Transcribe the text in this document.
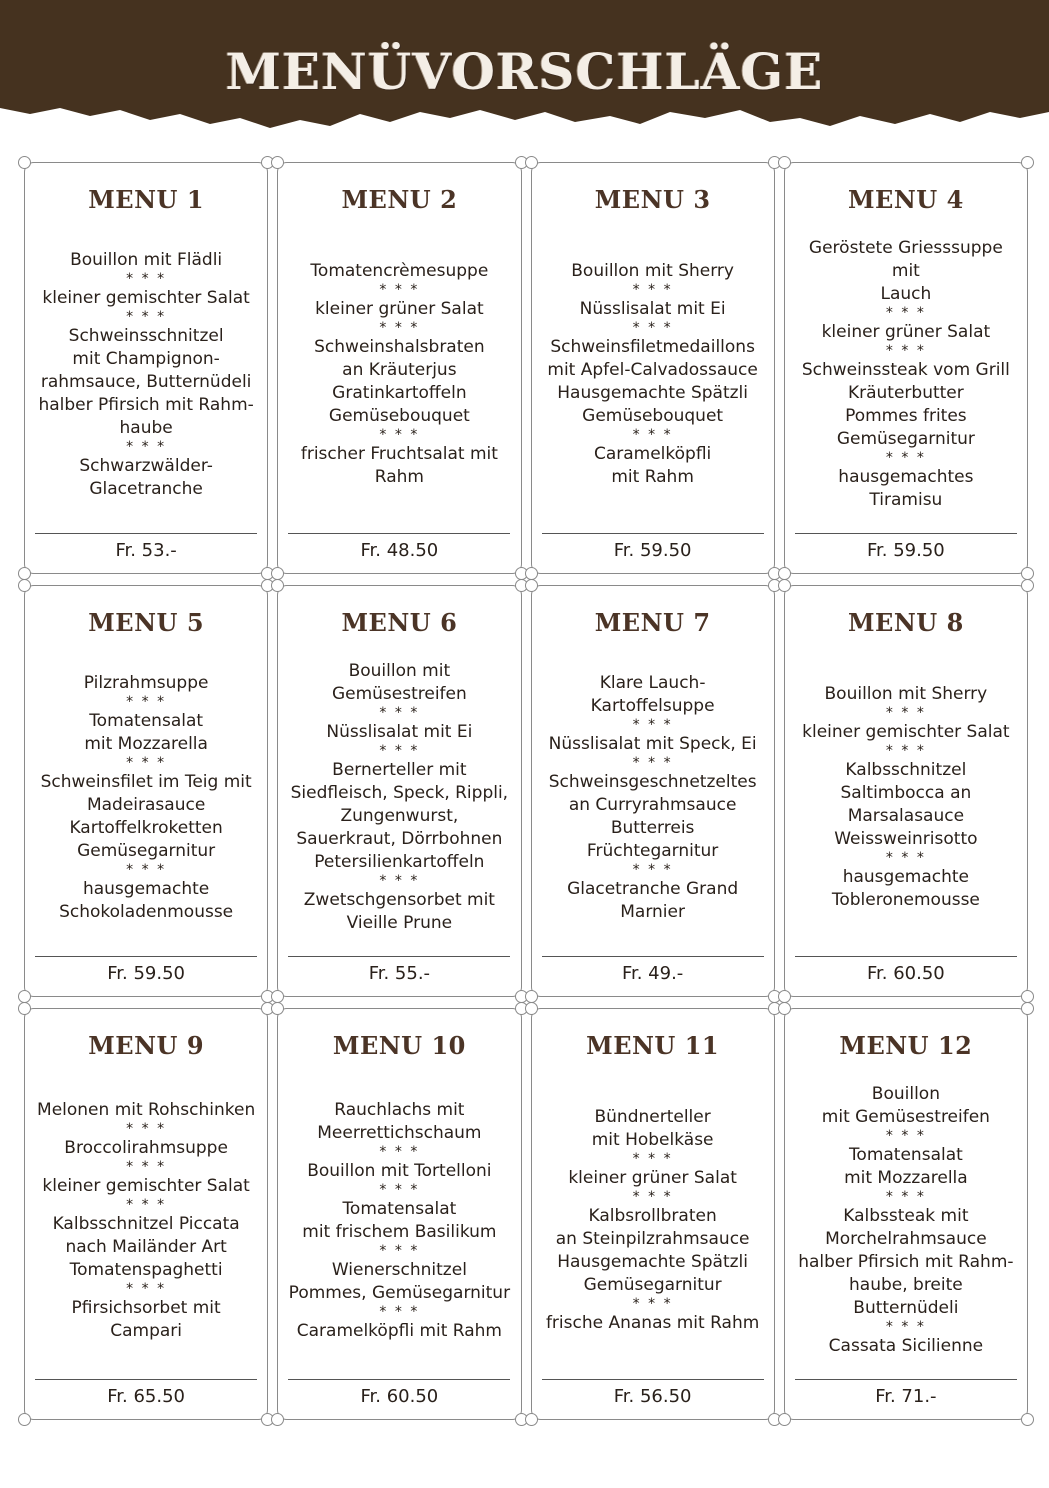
MENÜVORSCHLÄGE
MENU 1
Bouillon mit Flädli
* * *
kleiner gemischter Salat
* * *
Schweinsschnitzel
mit Champignon-
rahmsauce, Butternüdeli
halber Pfirsich mit Rahm-
haube
* * *
Schwarzwälder-
Glacetranche
Fr. 53.-
MENU 2
Tomatencrèmesuppe
* * *
kleiner grüner Salat
* * *
Schweinshalsbraten
an Kräuterjus
Gratinkartoffeln
Gemüsebouquet
* * *
frischer Fruchtsalat mit
Rahm
Fr. 48.50
MENU 3
Bouillon mit Sherry
* * *
Nüsslisalat mit Ei
* * *
Schweinsfiletmedaillons
mit Apfel-Calvadossauce
Hausgemachte Spätzli
Gemüsebouquet
* * *
Caramelköpfli
mit Rahm
Fr. 59.50
MENU 4
Geröstete Griesssuppe mit
Lauch
* * *
kleiner grüner Salat
* * *
Schweinssteak vom Grill
Kräuterbutter
Pommes frites
Gemüsegarnitur
* * *
hausgemachtes
Tiramisu
Fr. 59.50
MENU 5
Pilzrahmsuppe
* * *
Tomatensalat
mit Mozzarella
* * *
Schweinsfilet im Teig mit
Madeirasauce
Kartoffelkroketten
Gemüsegarnitur
* * *
hausgemachte
Schokoladenmousse
Fr. 59.50
MENU 6
Bouillon mit Gemüsestreifen
* * *
Nüsslisalat mit Ei
* * *
Bernerteller mit
Siedfleisch, Speck, Rippli,
Zungenwurst,
Sauerkraut, Dörrbohnen
Petersilienkartoffeln
* * *
Zwetschgensorbet mit
Vieille Prune
Fr. 55.-
MENU 7
Klare Lauch-
Kartoffelsuppe
* * *
Nüsslisalat mit Speck, Ei
* * *
Schweinsgeschnetzeltes
an Curryrahmsauce
Butterreis
Früchtegarnitur
* * *
Glacetranche Grand
Marnier
Fr. 49.-
MENU 8
Bouillon mit Sherry
* * *
kleiner gemischter Salat
* * *
Kalbsschnitzel
Saltimbocca an
Marsalasauce
Weissweinrisotto
* * *
hausgemachte
Tobleronemousse
Fr. 60.50
MENU 9
Melonen mit Rohschinken
* * *
Broccolirahmsuppe
* * *
kleiner gemischter Salat
* * *
Kalbsschnitzel Piccata
nach Mailänder Art
Tomatenspaghetti
* * *
Pfirsichsorbet mit
Campari
Fr. 65.50
MENU 10
Rauchlachs mit
Meerrettichschaum
* * *
Bouillon mit Tortelloni
* * *
Tomatensalat
mit frischem Basilikum
* * *
Wienerschnitzel
Pommes, Gemüsegarnitur
* * *
Caramelköpfli mit Rahm
Fr. 60.50
MENU 11
Bündnerteller
mit Hobelkäse
* * *
kleiner grüner Salat
* * *
Kalbsrollbraten
an Steinpilzrahmsauce
Hausgemachte Spätzli
Gemüsegarnitur
* * *
frische Ananas mit Rahm
Fr. 56.50
MENU 12
Bouillon
mit Gemüsestreifen
* * *
Tomatensalat
mit Mozzarella
* * *
Kalbssteak mit
Morchelrahmsauce
halber Pfirsich mit Rahm-
haube, breite Butternüdeli
* * *
Cassata Sicilienne
Fr. 71.-
